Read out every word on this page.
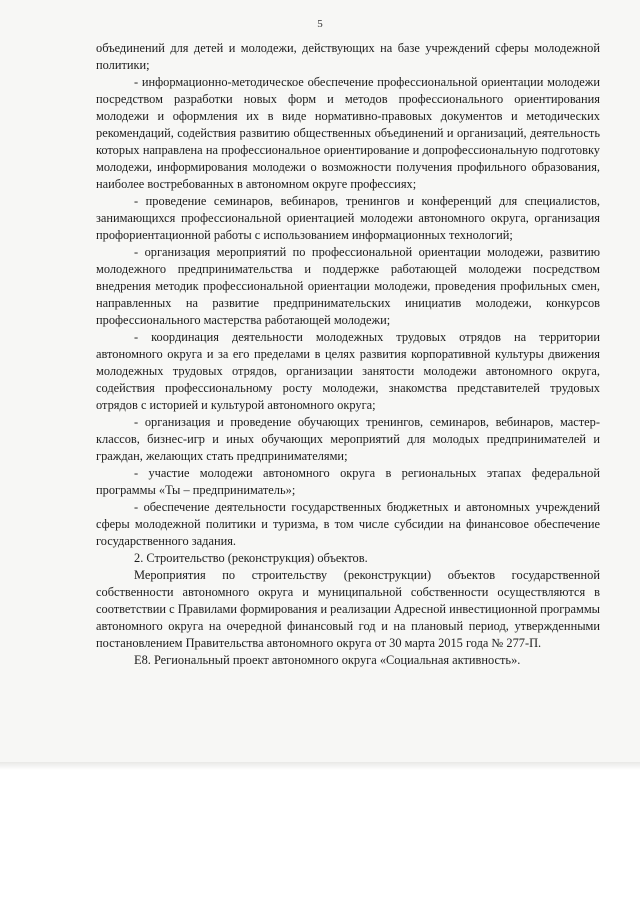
5

объединений для детей и молодежи, действующих на базе учреждений сферы молодежной политики;

- информационно-методическое обеспечение профессиональной ориентации молодежи посредством разработки новых форм и методов профессионального ориентирования молодежи и оформления их в виде нормативно-правовых документов и методических рекомендаций, содействия развитию общественных объединений и организаций, деятельность которых направлена на профессиональное ориентирование и допрофессиональную подготовку молодежи, информирования молодежи о возможности получения профильного образования, наиболее востребованных в автономном округе профессиях;

- проведение семинаров, вебинаров, тренингов и конференций для специалистов, занимающихся профессиональной ориентацией молодежи автономного округа, организация профориентационной работы с использованием информационных технологий;

- организация мероприятий по профессиональной ориентации молодежи, развитию молодежного предпринимательства и поддержке работающей молодежи посредством внедрения методик профессиональной ориентации молодежи, проведения профильных смен, направленных на развитие предпринимательских инициатив молодежи, конкурсов профессионального мастерства работающей молодежи;

- координация деятельности молодежных трудовых отрядов на территории автономного округа и за его пределами в целях развития корпоративной культуры движения молодежных трудовых отрядов, организации занятости молодежи автономного округа, содействия профессиональному росту молодежи, знакомства представителей трудовых отрядов с историей и культурой автономного округа;

- организация и проведение обучающих тренингов, семинаров, вебинаров, мастер-классов, бизнес-игр и иных обучающих мероприятий для молодых предпринимателей и граждан, желающих стать предпринимателями;

- участие молодежи автономного округа в региональных этапах федеральной программы «Ты – предприниматель»;

- обеспечение деятельности государственных бюджетных и автономных учреждений сферы молодежной политики и туризма, в том числе субсидии на финансовое обеспечение государственного задания.

2. Строительство (реконструкция) объектов.

Мероприятия по строительству (реконструкции) объектов государственной собственности автономного округа и муниципальной собственности осуществляются в соответствии с Правилами формирования и реализации Адресной инвестиционной программы автономного округа на очередной финансовый год и на плановый период, утвержденными постановлением Правительства автономного округа от 30 марта 2015 года № 277-П.

Е8. Региональный проект автономного округа «Социальная активность».
